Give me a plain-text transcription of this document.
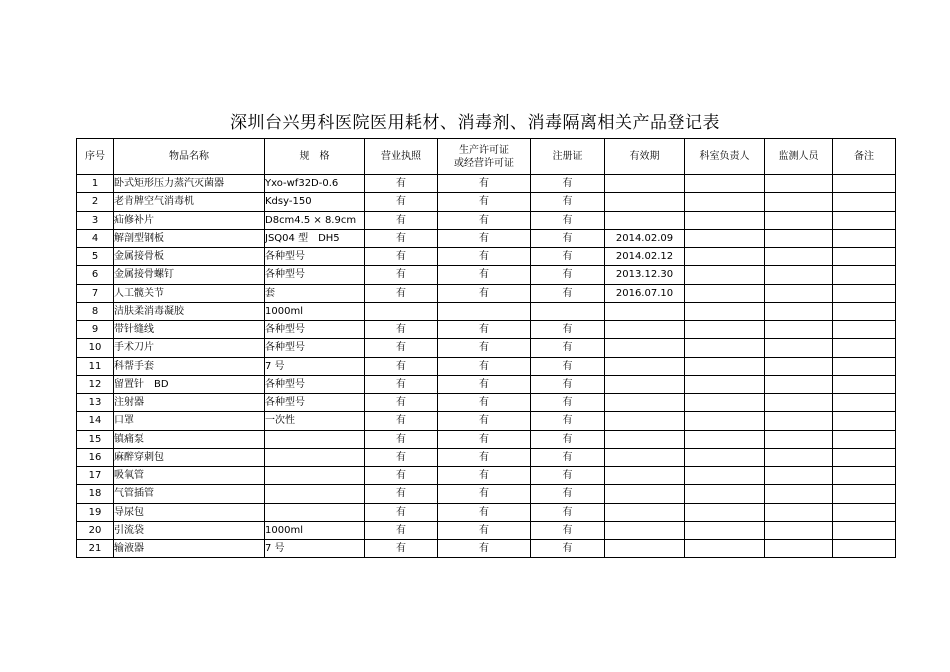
深圳台兴男科医院医用耗材、消毒剂、消毒隔离相关产品登记表
序号	物品名称	规　格	营业执照	生产许可证
或经营许可证	注册证	有效期	科室负责人	监测人员	备注
1	卧式矩形压力蒸汽灭菌器	Yxo-wf32D-0.6	有	有	有				
2	老肯牌空气消毒机	Kdsy-150	有	有	有				
3	疝修补片	D8cm4.5 × 8.9cm	有	有	有				
4	解剖型钢板	JSQ04 型　DH5	有	有	有	2014.02.09			
5	金属接骨板	各种型号	有	有	有	2014.02.12			
6	金属接骨螺钉	各种型号	有	有	有	2013.12.30			
7	人工髋关节	套	有	有	有	2016.07.10			
8	洁肤柔消毒凝胶	1000ml							
9	带针缝线	各种型号	有	有	有				
10	手术刀片	各种型号	有	有	有				
11	科帮手套	7 号	有	有	有				
12	留置针　BD	各种型号	有	有	有				
13	注射器	各种型号	有	有	有				
14	口罩	一次性	有	有	有				
15	镇痛泵		有	有	有				
16	麻醉穿刺包		有	有	有				
17	吸氧管		有	有	有				
18	气管插管		有	有	有				
19	导尿包		有	有	有				
20	引流袋	1000ml	有	有	有				
21	输液器	7 号	有	有	有				
